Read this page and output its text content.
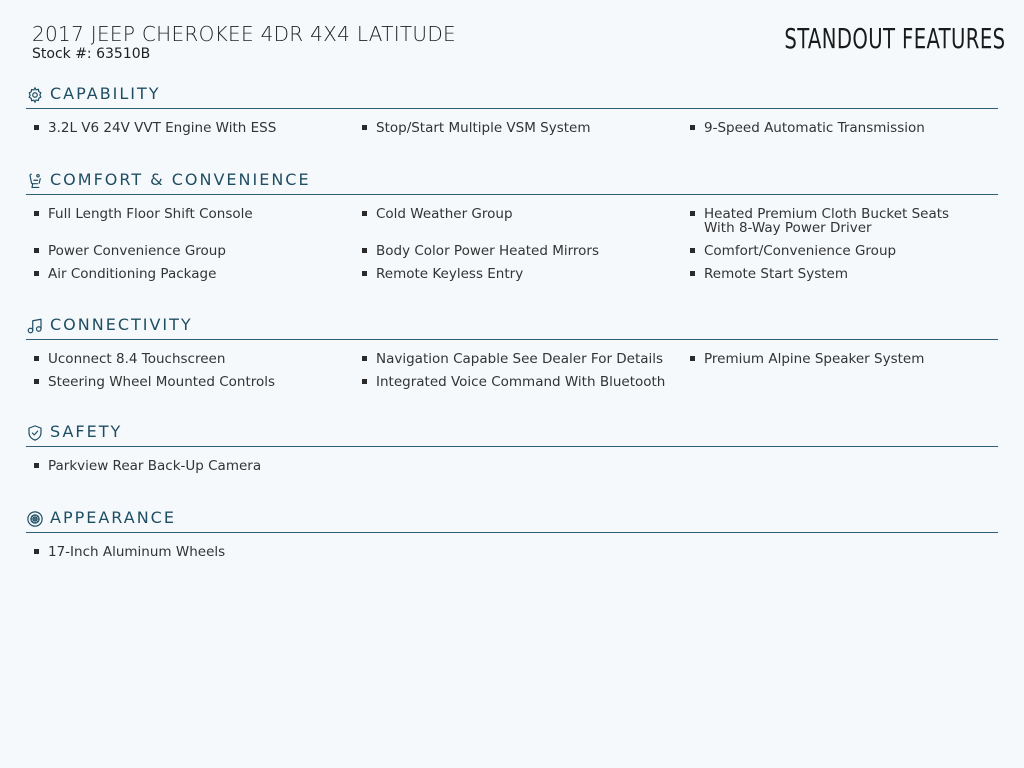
2017 JEEP CHEROKEE 4DR 4X4 LATITUDE
Stock #: 63510B	STANDOUT FEATURES
CAPABILITY
3.2L V6 24V VVT Engine With ESS	Stop/Start Multiple VSM System	9-Speed Automatic Transmission
COMFORT & CONVENIENCE
Full Length Floor Shift Console	Cold Weather Group	Heated Premium Cloth Bucket Seats With 8-Way Power Driver
Power Convenience Group	Body Color Power Heated Mirrors	Comfort/Convenience Group
Air Conditioning Package	Remote Keyless Entry	Remote Start System
CONNECTIVITY
Uconnect 8.4 Touchscreen	Navigation Capable See Dealer For Details	Premium Alpine Speaker System
Steering Wheel Mounted Controls	Integrated Voice Command With Bluetooth
SAFETY
Parkview Rear Back-Up Camera
APPEARANCE
17-Inch Aluminum Wheels
